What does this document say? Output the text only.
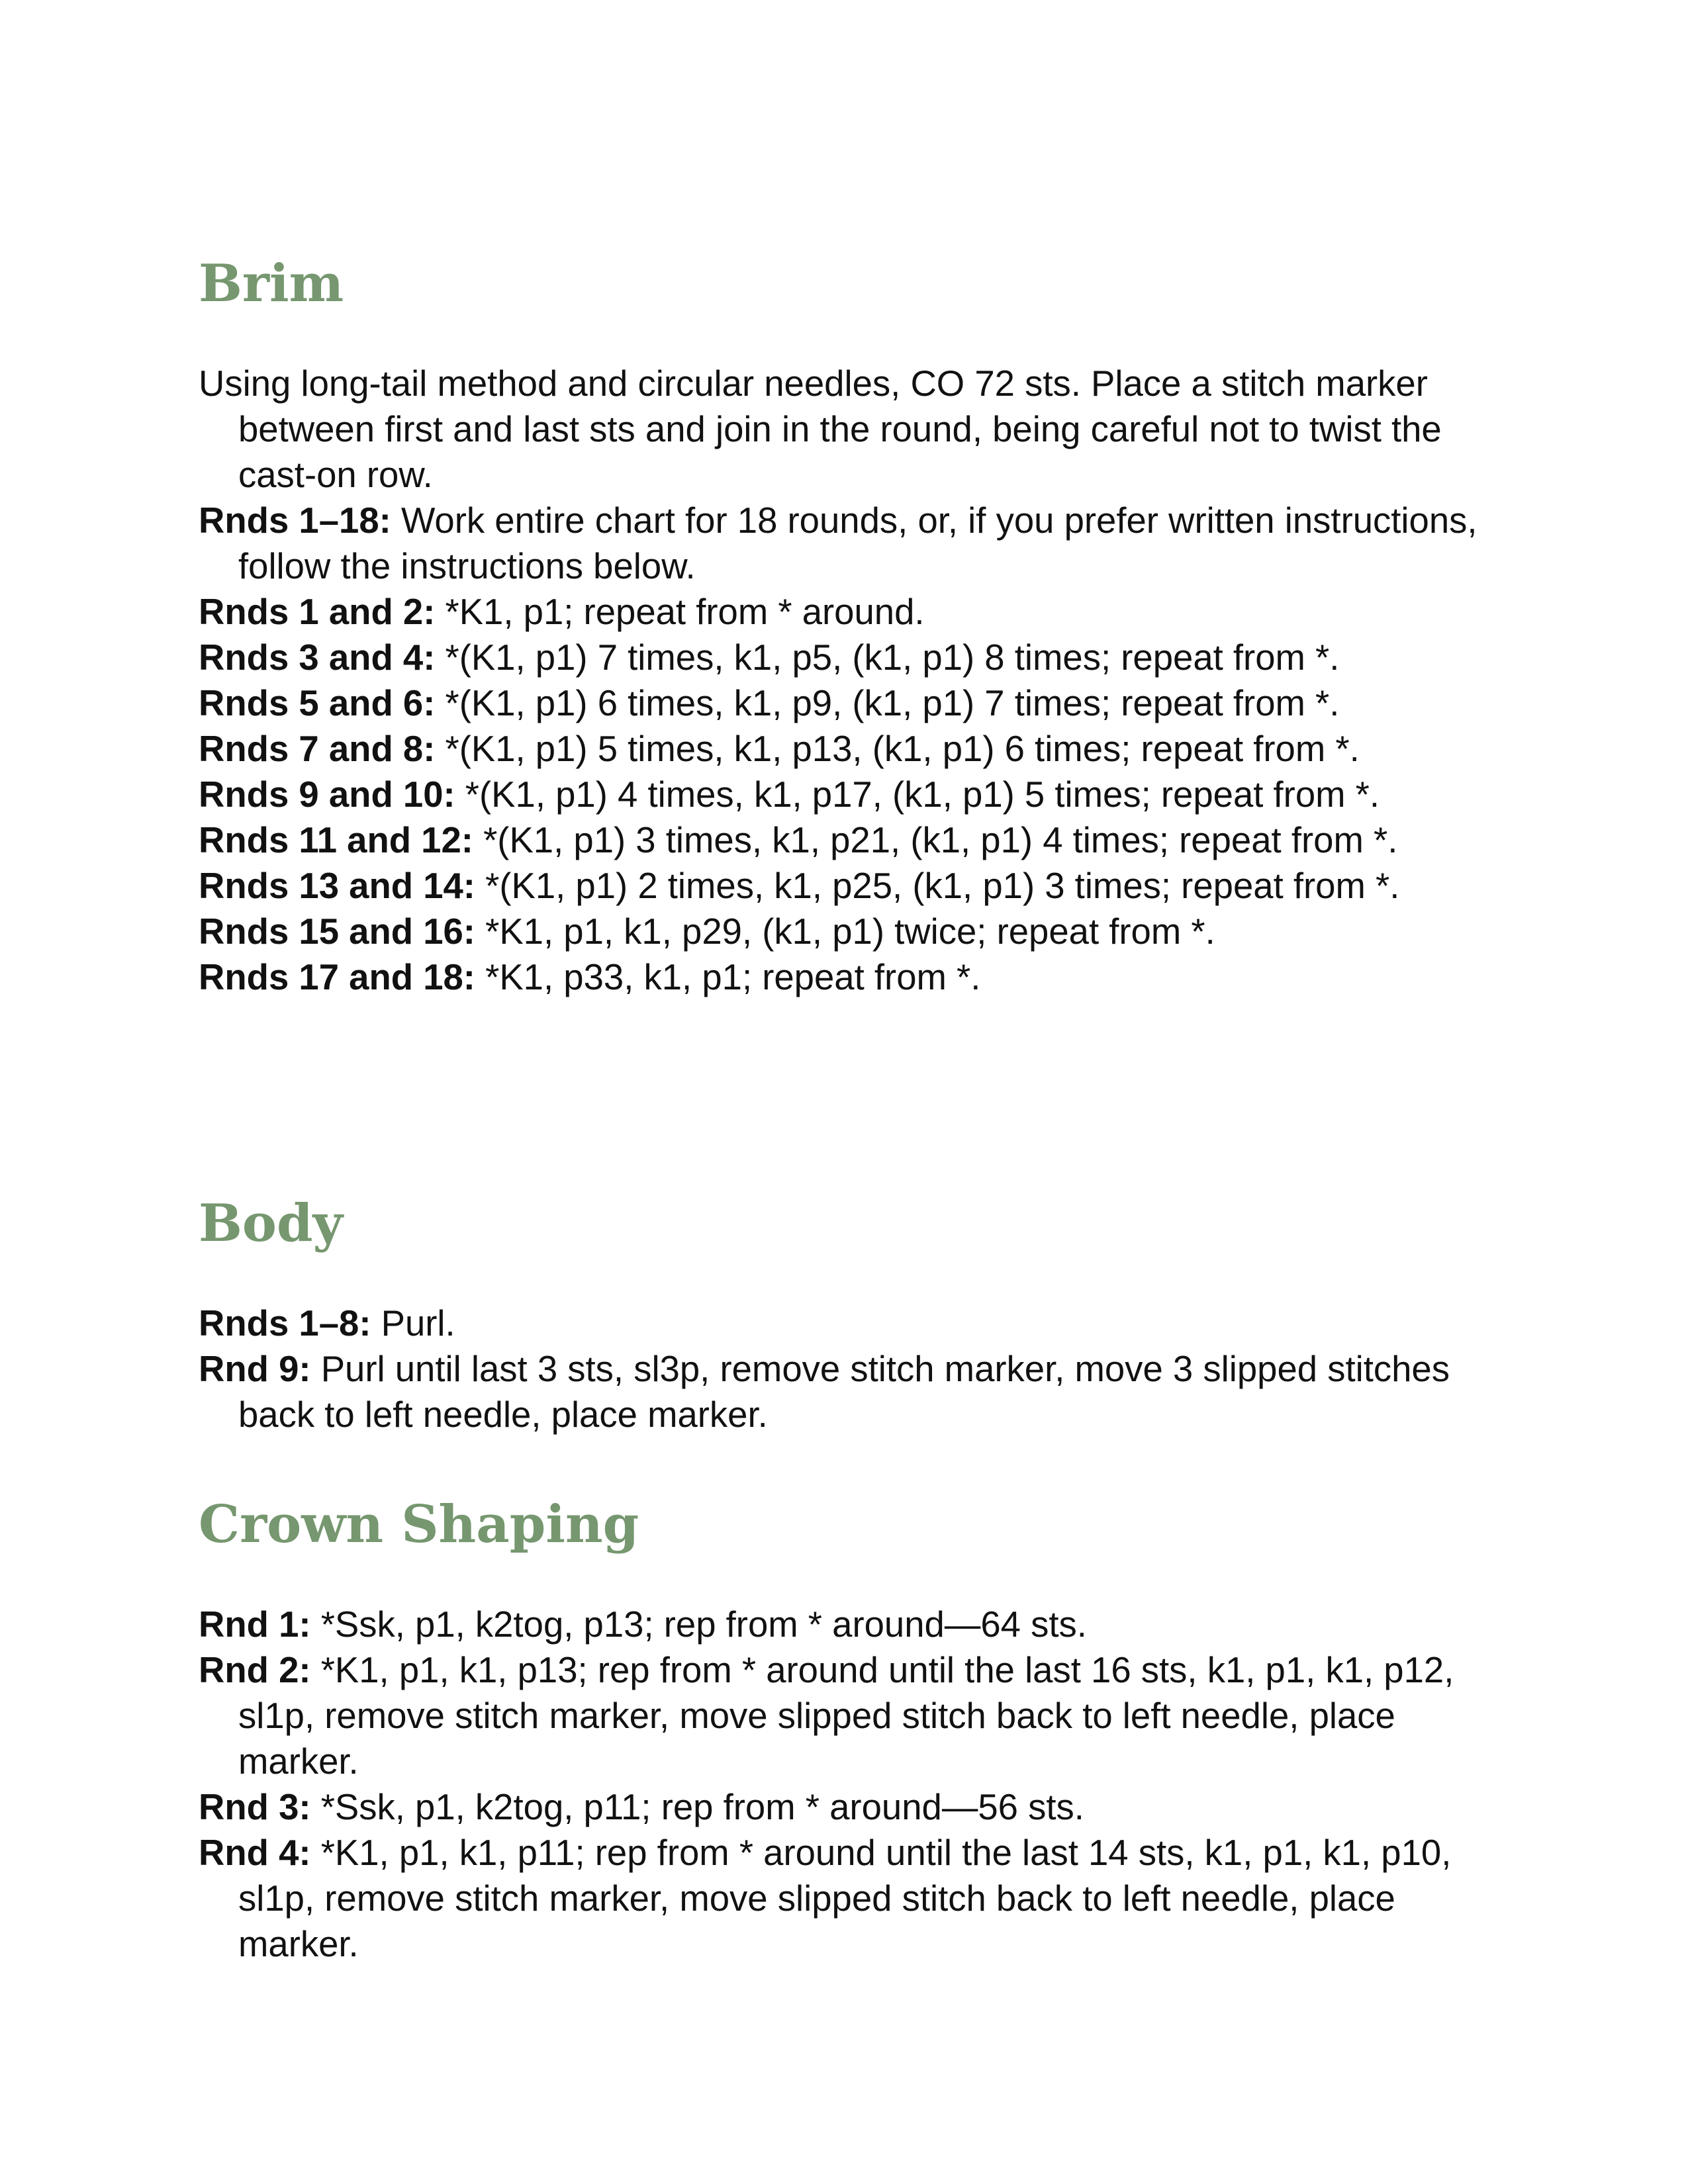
Brim

Using long-tail method and circular needles, CO 72 sts. Place a stitch marker between first and last sts and join in the round, being careful not to twist the cast-on row.

Rnds 1–18: Work entire chart for 18 rounds, or, if you prefer written instructions, follow the instructions below.

Rnds 1 and 2: *K1, p1; repeat from * around.

Rnds 3 and 4: *(K1, p1) 7 times, k1, p5, (k1, p1) 8 times; repeat from *.

Rnds 5 and 6: *(K1, p1) 6 times, k1, p9, (k1, p1) 7 times; repeat from *.

Rnds 7 and 8: *(K1, p1) 5 times, k1, p13, (k1, p1) 6 times; repeat from *.

Rnds 9 and 10: *(K1, p1) 4 times, k1, p17, (k1, p1) 5 times; repeat from *.

Rnds 11 and 12: *(K1, p1) 3 times, k1, p21, (k1, p1) 4 times; repeat from *.

Rnds 13 and 14: *(K1, p1) 2 times, k1, p25, (k1, p1) 3 times; repeat from *.

Rnds 15 and 16: *K1, p1, k1, p29, (k1, p1) twice; repeat from *.

Rnds 17 and 18: *K1, p33, k1, p1; repeat from *.

Body

Rnds 1–8: Purl.

Rnd 9: Purl until last 3 sts, sl3p, remove stitch marker, move 3 slipped stitches back to left needle, place marker.

Crown Shaping

Rnd 1: *Ssk, p1, k2tog, p13; rep from * around—64 sts.

Rnd 2: *K1, p1, k1, p13; rep from * around until the last 16 sts, k1, p1, k1, p12, sl1p, remove stitch marker, move slipped stitch back to left needle, place marker.

Rnd 3: *Ssk, p1, k2tog, p11; rep from * around—56 sts.

Rnd 4: *K1, p1, k1, p11; rep from * around until the last 14 sts, k1, p1, k1, p10, sl1p, remove stitch marker, move slipped stitch back to left needle, place marker.
